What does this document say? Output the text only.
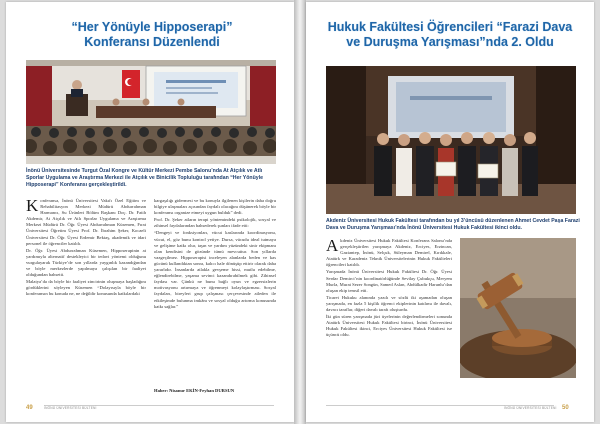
“Her Yönüyle Hipposerapi”
Konferansı Düzenlendi
İnönü Üniversitesinde Turgut Özal Kongre ve Kültür Merkezi Pembe Salonu’nda At Atçılık ve Atlı Sporlar Uygulama ve Araştırma Merkezi ile Atçılık ve Binicilik Topluluğu tarafından “Her Yönüyle Hipposerapi” Konferansı gerçekleştirildi.
Konferansa, İnönü Üniversitesi Vakıfı Özel Eğitim ve Rehabilitasyon Merkezi Müdürü Abdurrahman Harmancı, Su Ürünleri Bölüm Başkanı Doç. Dr. Fatih Akdemir, At Atçılık ve Atlı Sporlar Uygulama ve Araştırma Merkezi Müdürü Dr. Öğr. Üyesi Abdurrahman Küsemen, Fırat Üniversitesi Öğretim Üyesi Prof. Dr. İbrahim Şeker, Kocaeli Üniversitesi Dr. Öğr. Üyesi Erdemir Bektaş, akademik ve idari personel ile öğrenciler katıldı.
Dr. Öğr. Üyesi Abdurrahman Küsemen, Hipposerapinin at yardımıyla alternatif destekleyici bir tedavi yöntemi olduğunu vurgulayarak Türkiye’de son yıllarda yaygınlık kazandığından ve böyle merkezlerde yapılmaya çalışılan bir faaliyet olduğundan bahsetti.
Malatya’da da böyle bir faaliyet zincirinin oluşmaya başladığını gördüklerini söyleyen Küsemen “Dolayısıyla böyle bir konferansın bu konuda ne, ne değildir konusunda katkılardaki
kargaşılığı gidermesi ve bu konuyla ilgilenen kişilerin daha doğru bilgiye ulaşmaları açısından faydalı olacağını düşünerek böyle bir konferansı organize etmeyi uygun bulduk” dedi.
Prof. Dr. Şeker atların terapi yöntemindeki psikolojik, sosyal ve zihinsel faydalarından bahsederek şunları ifade etti:
“Dengeyi ve fonksiyonları, vücut kaslarında koordinasyonu, vücut, el, göz bunu kontrol yetiye. Dursa, vücudu ideal tutmaya ve gelişime katkı olur, taşın ve yardım yüzündeki sinir ekipmanı olan kendisini de gözünde tümü mevcuttur. Son yıllarda vazgeçilmez. Hipposerapisi inceleyen alanlarda beden ve kas gücünü kullandıktan sonra, kalıcı hale dönüşüp ettirir olarak daha yararlıdır. İnsanlarda atlakla gevşeme hissi, mutlu edebilme, eğlendirebilme, yaşama sevinci kazandırabilmek gibi. Zihinsel faydası var. Çünkü ne bunu bağlı oyun ve egzersizlerin motivasyonu artırmaya ve öğrenmeyi kolaylaştırması. Sosyal faydaları, bireyleri grup çalışması çerçevesinde aileden ile etkileşimde bulunma imkânı ve sosyal olduğu artırma konusunda katkı sağlar.”
Haber: Nisanur EKİN-Feyhan DURSUN
49	İNÖNÜ ÜNİVERSİTESİ BÜLTENİ
Hukuk Fakültesi Öğrencileri “Farazi Dava
ve Duruşma Yarışması”nda 2. Oldu
Akdeniz Üniversitesi Hukuk Fakültesi tarafından bu yıl 3’üncüsü düzenlenen Ahmet Cevdet Paşa Farazi Dava ve Duruşma Yarışması’nda İnönü Üniversitesi Hukuk Fakültesi ikinci oldu.
Akdeniz Üniversitesi Hukuk Fakültesi Konferans Salonu’nda gerçekleştirilen yarışmaya Akdeniz, Erciyes, Erzincan, Gaziantep, İnönü, Selçuk, Süleyman Demirel, Kırıkkale, Atatürk ve Karadeniz Teknik Üniversitelerinin Hukuk Fakülteleri öğrencileri katıldı.
Yarışmada İnönü Üniversitesi Hukuk Fakültesi Dr. Öğr. Üyesi Serdar Demirci’nin koordinatörlüğünde Sevilay Çubukçu, Meryem Murla, Murat Sezer Songün, Samed Aslan, Abdülkadir Harunlu’dan oluşan ekip temsil etti.
Ticaret Hukuku alanında yazılı ve sözlü iki aşamadan oluşan yarışmada, en fazla 5 kişilik öğrenci ekiplerinin katılımı ile davalı, davacı taraflar, diğeri davalı tarafı oluşturdu.
İki gün süren yarışmada jüri üyelerinin değerlendirmeleri sonunda Atatürk Üniversitesi Hukuk Fakültesi birinci, İnönü Üniversitesi Hukuk Fakültesi ikinci, Erciyes Üniversitesi Hukuk Fakültesi ise üçüncü oldu.
İNÖNÜ ÜNİVERSİTESİ BÜLTENİ 50
